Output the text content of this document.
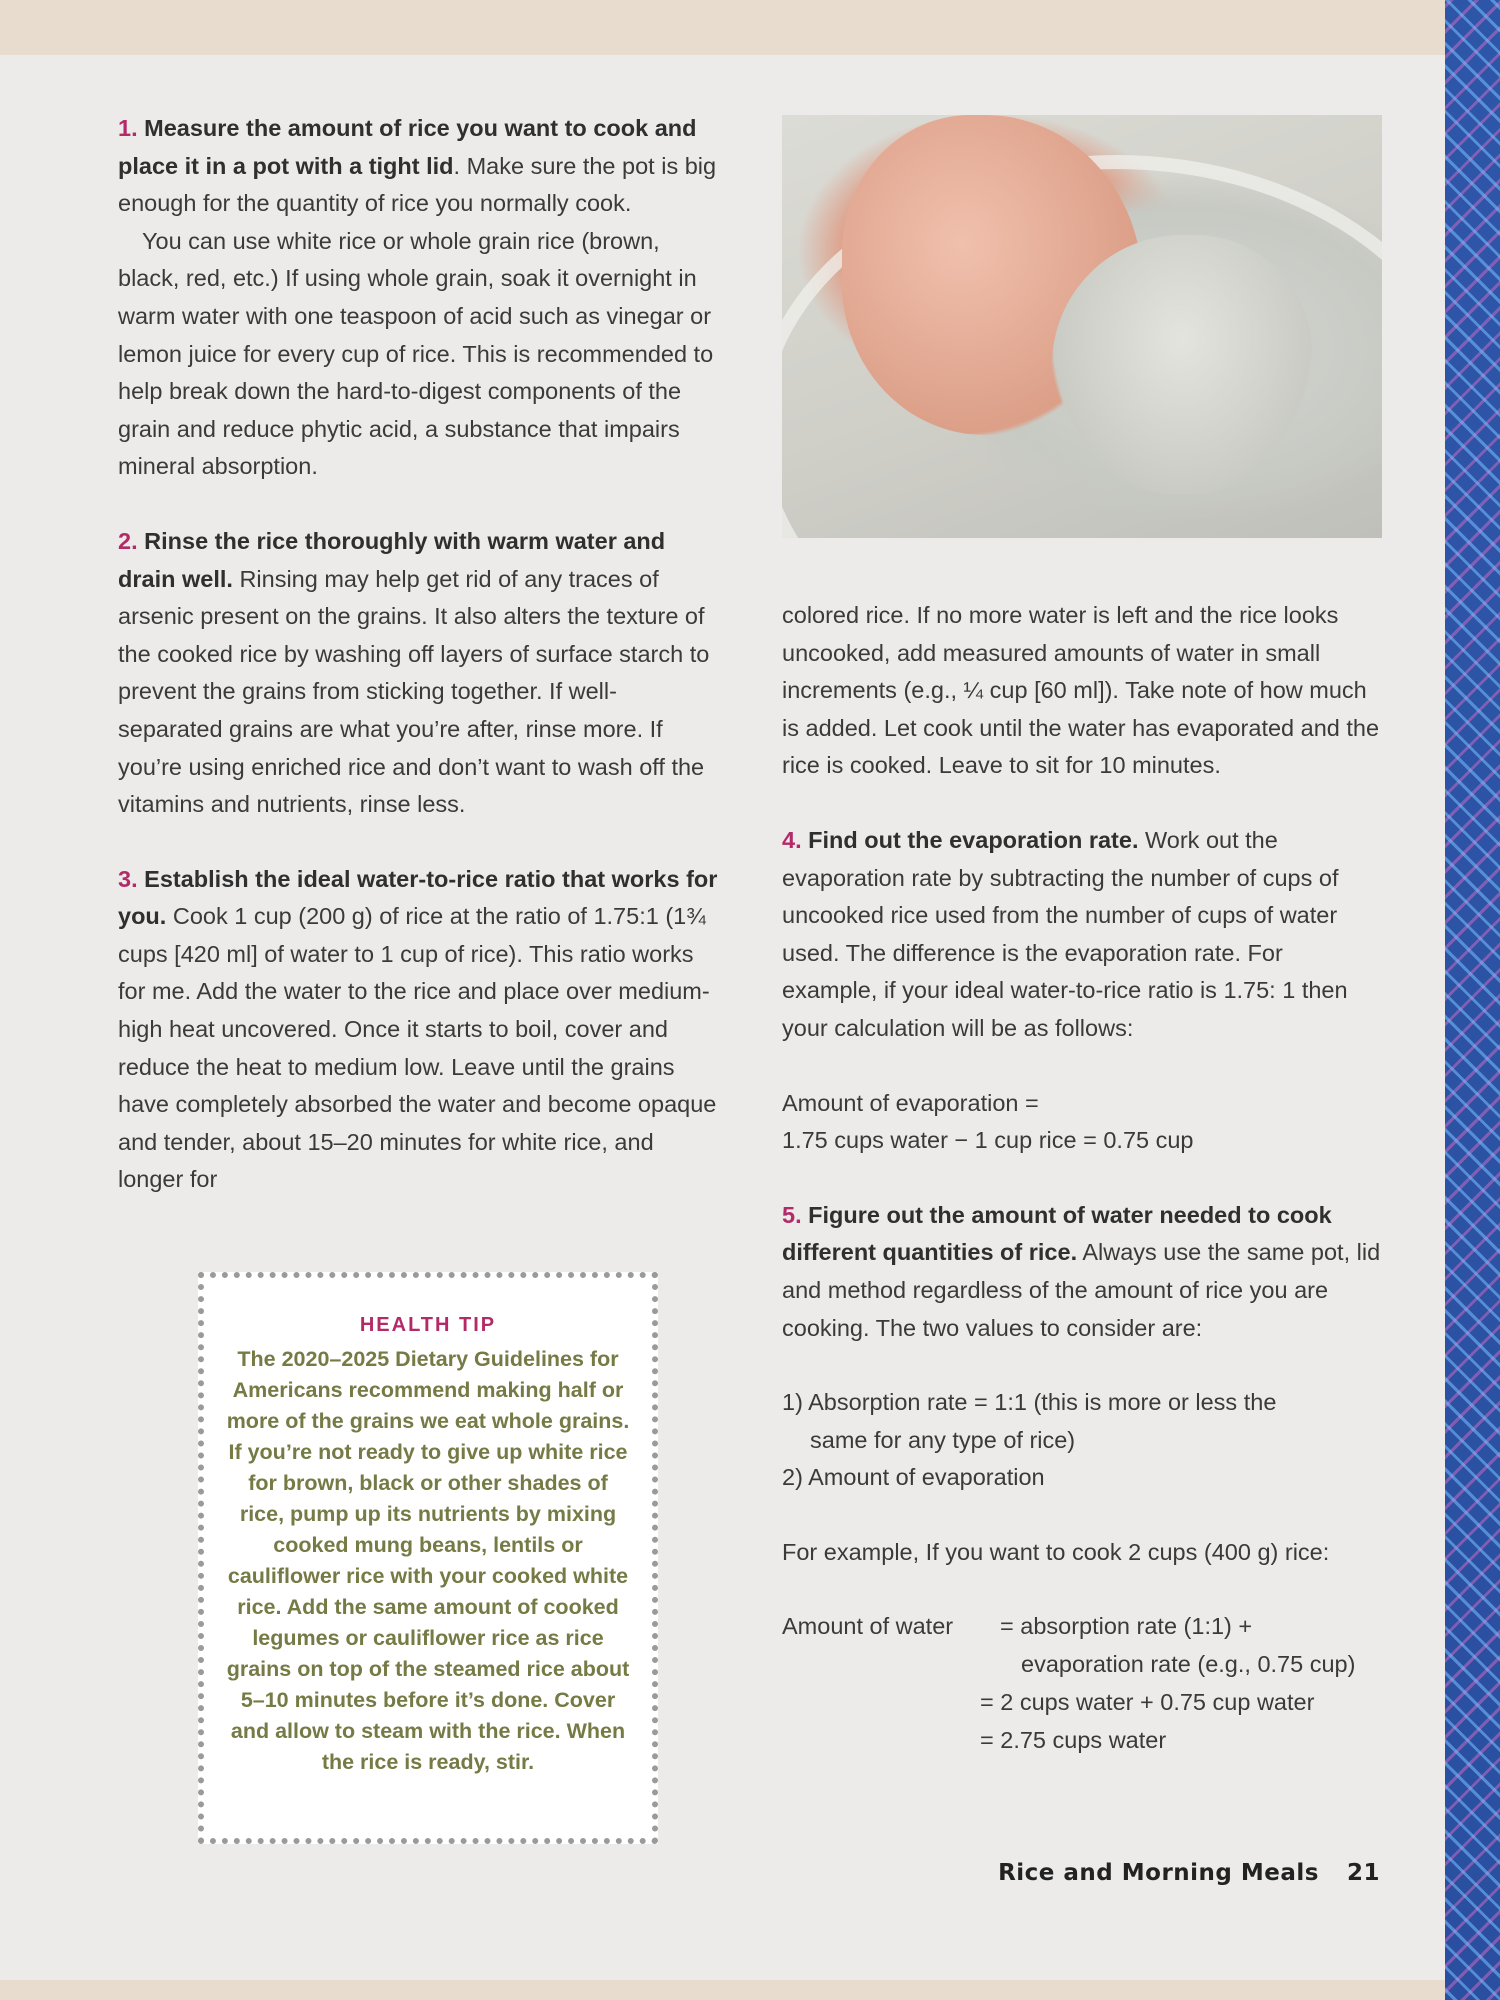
1. Measure the amount of rice you want to cook and place it in a pot with a tight lid. Make sure the pot is big enough for the quantity of rice you normally cook.

You can use white rice or whole grain rice (brown, black, red, etc.) If using whole grain, soak it overnight in warm water with one teaspoon of acid such as vinegar or lemon juice for every cup of rice. This is recommended to help break down the hard-to-digest components of the grain and reduce phytic acid, a substance that impairs mineral absorption.

2. Rinse the rice thoroughly with warm water and drain well. Rinsing may help get rid of any traces of arsenic present on the grains. It also alters the texture of the cooked rice by washing off layers of surface starch to prevent the grains from sticking together. If well-separated grains are what you’re after, rinse more. If you’re using enriched rice and don’t want to wash off the vitamins and nutrients, rinse less.

3. Establish the ideal water-to-rice ratio that works for you. Cook 1 cup (200 g) of rice at the ratio of 1.75:1 (1¾ cups [420 ml] of water to 1 cup of rice). This ratio works for me. Add the water to the rice and place over medium-high heat uncovered. Once it starts to boil, cover and reduce the heat to medium low. Leave until the grains have completely absorbed the water and become opaque and tender, about 15–20 minutes for white rice, and longer for

HEALTH TIP
The 2020–2025 Dietary Guidelines for Americans recommend making half or more of the grains we eat whole grains. If you’re not ready to give up white rice for brown, black or other shades of rice, pump up its nutrients by mixing cooked mung beans, lentils or cauliflower rice with your cooked white rice. Add the same amount of cooked legumes or cauliflower rice as rice grains on top of the steamed rice about 5–10 minutes before it’s done. Cover and allow to steam with the rice. When the rice is ready, stir.

colored rice. If no more water is left and the rice looks uncooked, add measured amounts of water in small increments (e.g., ¼ cup [60 ml]). Take note of how much is added. Let cook until the water has evaporated and the rice is cooked. Leave to sit for 10 minutes.

4. Find out the evaporation rate. Work out the evaporation rate by subtracting the number of cups of uncooked rice used from the number of cups of water used. The difference is the evaporation rate. For example, if your ideal water-to-rice ratio is 1.75: 1 then your calculation will be as follows:

Amount of evaporation =

1.75 cups water − 1 cup rice = 0.75 cup

5. Figure out the amount of water needed to cook different quantities of rice. Always use the same pot, lid and method regardless of the amount of rice you are cooking. The two values to consider are:

1) Absorption rate = 1:1 (this is more or less the

same for any type of rice)

2) Amount of evaporation

For example, If you want to cook 2 cups (400 g) rice:

Amount of water = absorption rate (1:1) +
evaporation rate (e.g., 0.75 cup)
= 2 cups water + 0.75 cup water
= 2.75 cups water
Rice and Morning Meals 21
